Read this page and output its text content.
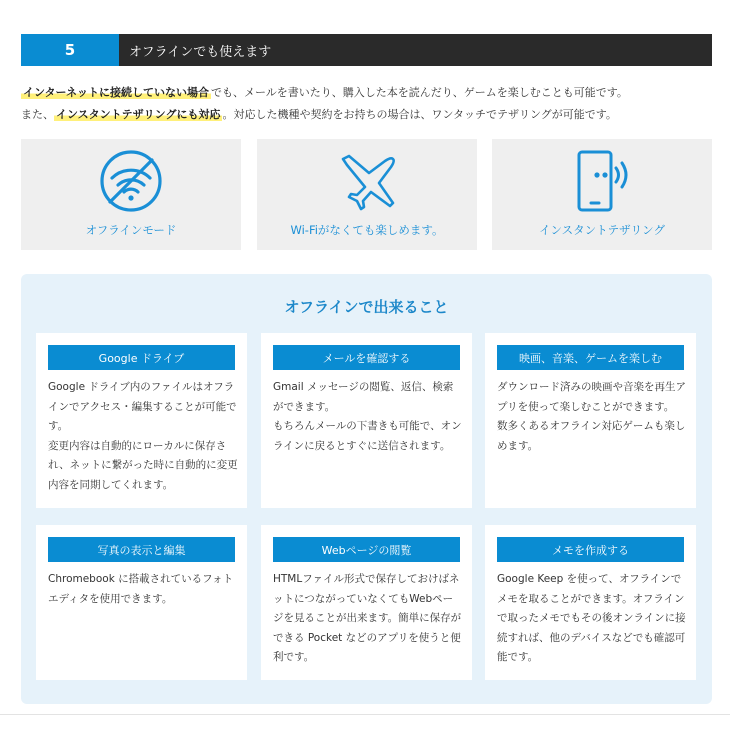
5	オフラインでも使えます
インターネットに接続していない場合 でも、メールを書いたり、購入した本を読んだり、ゲームを楽しむことも可能です。
また、 インスタントテザリングにも対応 。対応した機種や契約をお持ちの場合は、ワンタッチでテザリングが可能です。
オフラインモード	Wi-Fiがなくても楽しめます。	インスタントテザリング
オフラインで出来ること
Google ドライブ
Google ドライブ内のファイルはオフラインでアクセス・編集することが可能です。
変更内容は自動的にローカルに保存され、ネットに繋がった時に自動的に変更内容を同期してくれます。
メールを確認する
Gmail メッセージの閲覧、返信、検索ができます。
もちろんメールの下書きも可能で、オンラインに戻るとすぐに送信されます。
映画、音楽、ゲームを楽しむ
ダウンロード済みの映画や音楽を再生アプリを使って楽しむことができます。
数多くあるオフライン対応ゲームも楽しめます。
写真の表示と編集
Chromebook に搭載されているフォトエディタを使用できます。
Webページの閲覧
HTMLファイル形式で保存しておけばネットにつながっていなくてもWebページを見ることが出来ます。簡単に保存ができる Pocket などのアプリを使うと便利です。
メモを作成する
Google Keep を使って、オフラインでメモを取ることができます。オフラインで取ったメモでもその後オンラインに接続すれば、他のデバイスなどでも確認可能です。
